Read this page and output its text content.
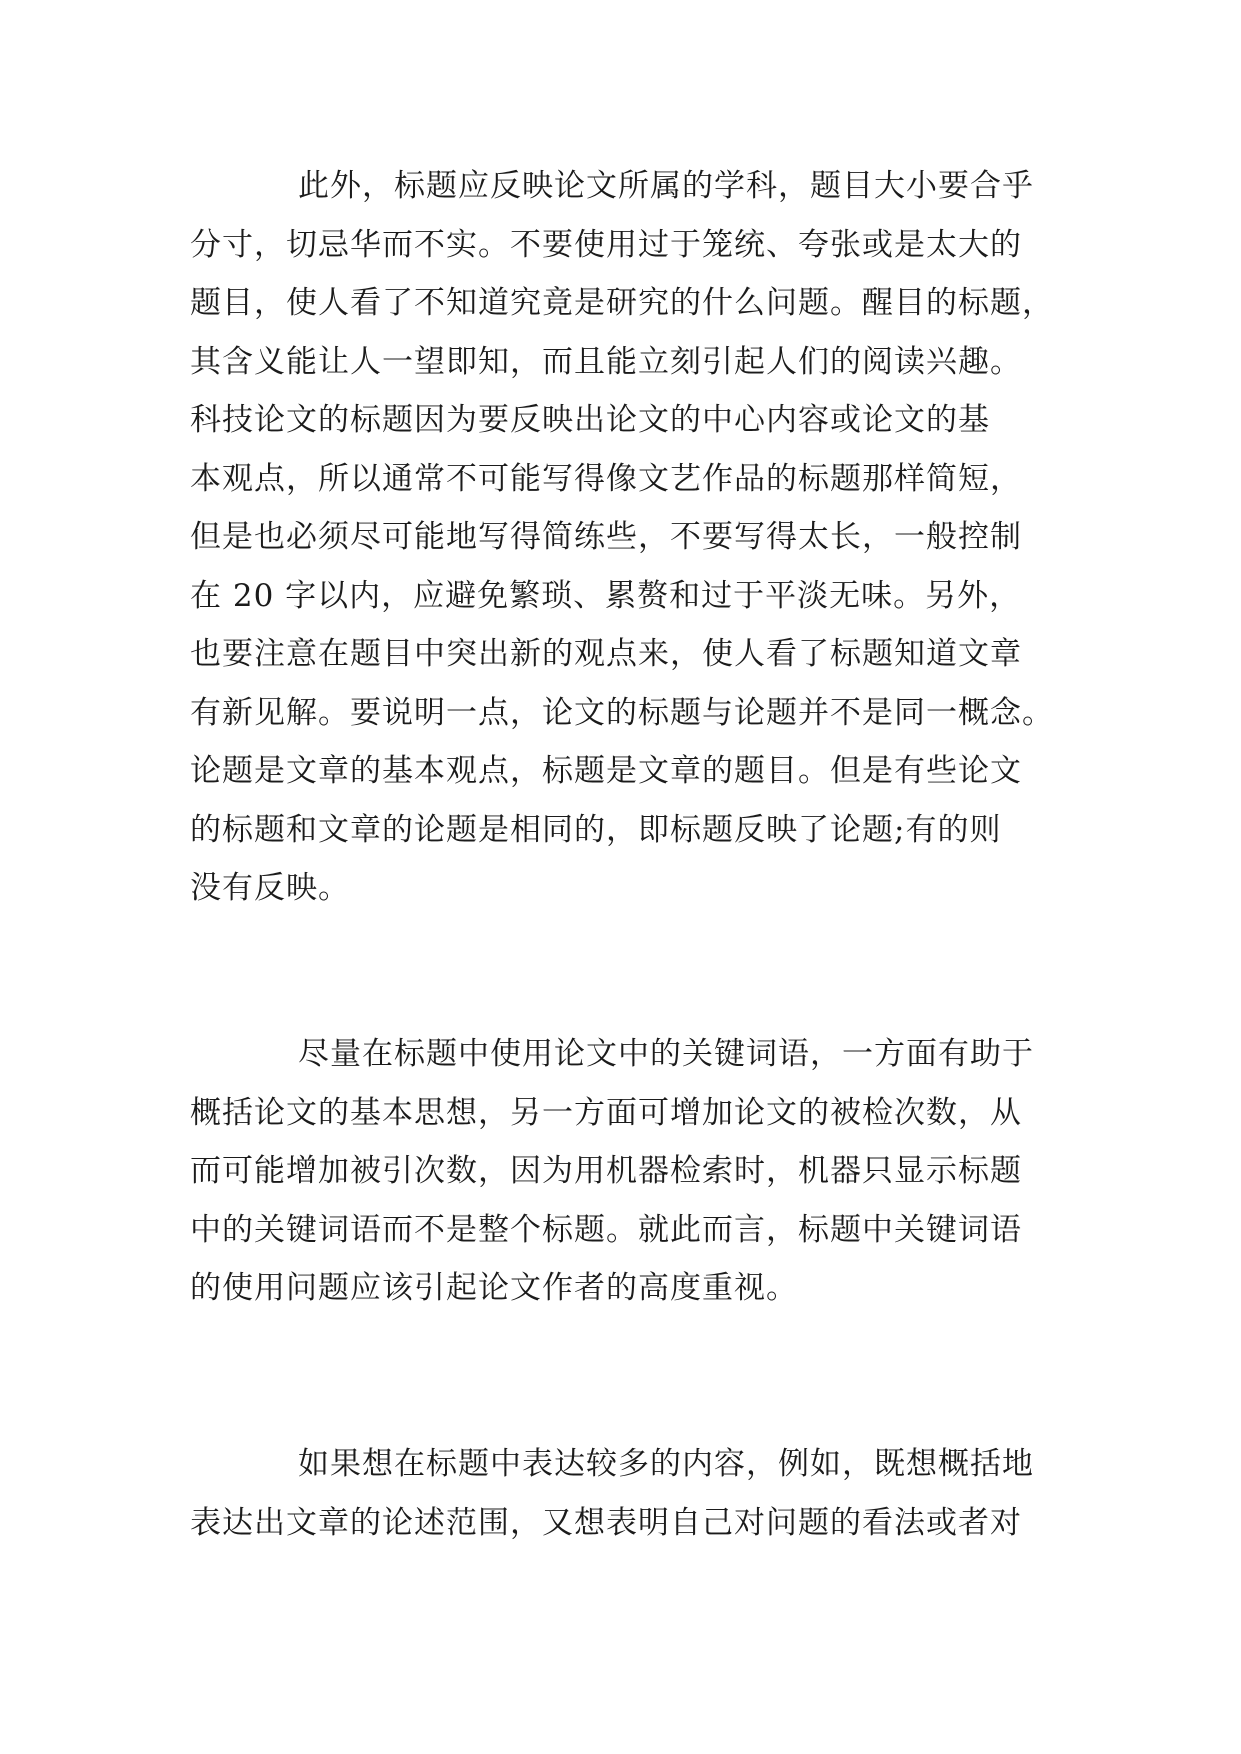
此外，标题应反映论文所属的学科，题目大小要合乎
分寸，切忌华而不实。不要使用过于笼统、夸张或是太大的
题目，使人看了不知道究竟是研究的什么问题。醒目的标题，
其含义能让人一望即知，而且能立刻引起人们的阅读兴趣。
科技论文的标题因为要反映出论文的中心内容或论文的基
本观点，所以通常不可能写得像文艺作品的标题那样简短，
但是也必须尽可能地写得简练些，不要写得太长，一般控制
在 20 字以内，应避免繁琐、累赘和过于平淡无味。另外，
也要注意在题目中突出新的观点来，使人看了标题知道文章
有新见解。要说明一点，论文的标题与论题并不是同一概念。
论题是文章的基本观点，标题是文章的题目。但是有些论文
的标题和文章的论题是相同的，即标题反映了论题;有的则
没有反映。

尽量在标题中使用论文中的关键词语，一方面有助于
概括论文的基本思想，另一方面可增加论文的被检次数，从
而可能增加被引次数，因为用机器检索时，机器只显示标题
中的关键词语而不是整个标题。就此而言，标题中关键词语
的使用问题应该引起论文作者的高度重视。

如果想在标题中表达较多的内容，例如，既想概括地
表达出文章的论述范围，又想表明自己对问题的看法或者对
